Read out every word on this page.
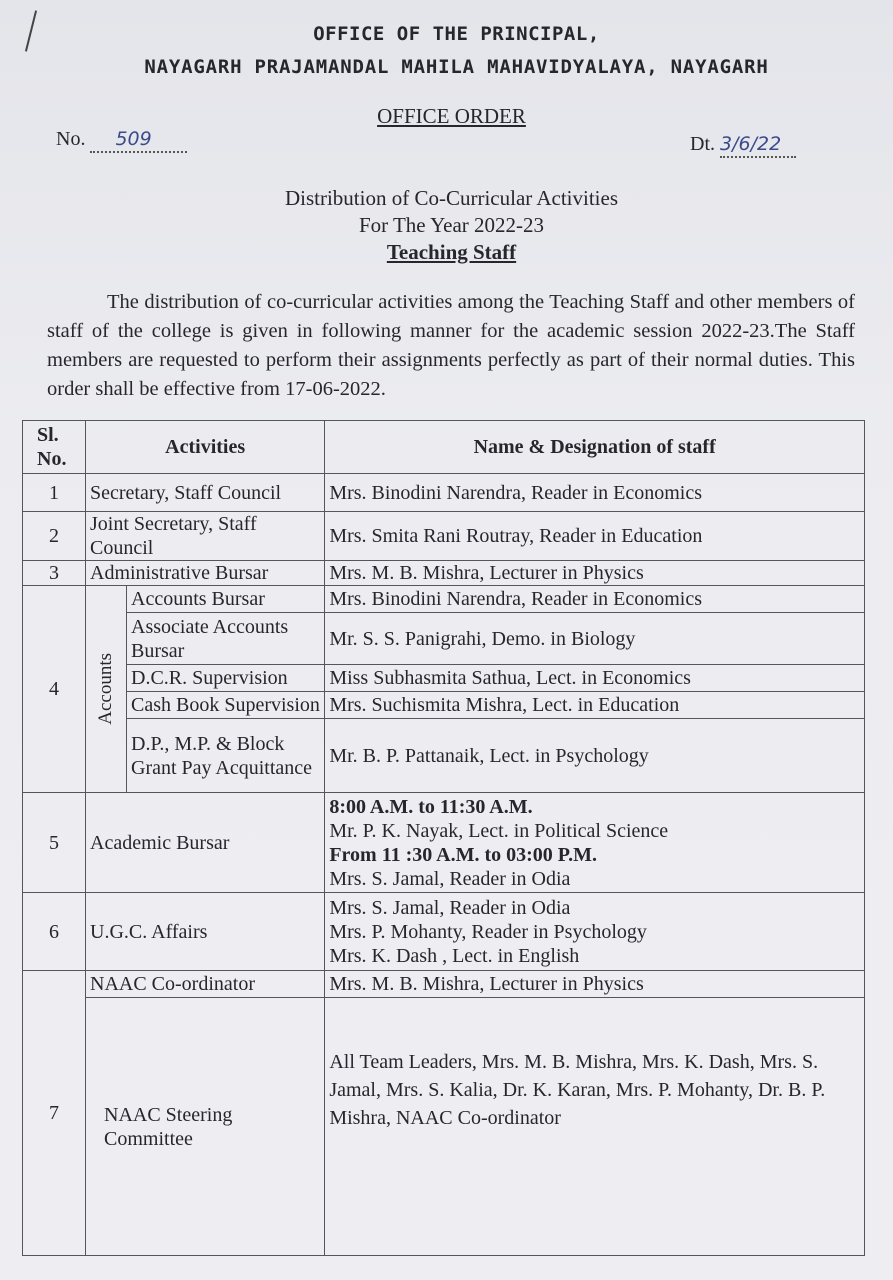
OFFICE OF THE PRINCIPAL,
NAYAGARH PRAJAMANDAL MAHILA MAHAVIDYALAYA, NAYAGARH
OFFICE ORDER
No.      509	Dt. 3/6/22
Distribution of Co-Curricular Activities
For The Year 2022-23
Teaching Staff
The distribution of co-curricular activities among the Teaching Staff and other members of staff of the college is given in following manner for the academic session 2022-23.The Staff members are requested to perform their assignments perfectly as part of their normal duties. This order shall be effective from 17-06-2022.
Sl. No.	Activities		Name & Designation of staff
1	Secretary, Staff Council		Mrs. Binodini Narendra, Reader in Economics
2	Joint Secretary, Staff Council		Mrs. Smita Rani Routray, Reader in Education
3	Administrative Bursar		Mrs. M. B. Mishra, Lecturer in Physics
4	Accounts	Accounts Bursar	Mrs. Binodini Narendra, Reader in Economics
		Associate Accounts Bursar	Mr. S. S. Panigrahi, Demo. in Biology
		D.C.R. Supervision	Miss Subhasmita Sathua, Lect. in Economics
		Cash Book Supervision	Mrs. Suchismita Mishra, Lect. in Education
		D.P., M.P. & Block Grant Pay Acquittance	Mr. B. P. Pattanaik, Lect. in Psychology
5	Academic Bursar		8:00 A.M. to 11:30 A.M.
Mr. P. K. Nayak, Lect. in Political Science
From 11 :30 A.M. to 03:00 P.M.
Mrs. S. Jamal, Reader in Odia

6	U.G.C. Affairs		Mrs. S. Jamal, Reader in Odia
Mrs. P. Mohanty, Reader in Psychology
Mrs. K. Dash , Lect. in English

7	NAAC Co-ordinator		Mrs. M. B. Mishra, Lecturer in Physics
	NAAC Steering Committee		All Team Leaders, Mrs. M. B. Mishra, Mrs. K. Dash, Mrs. S. Jamal, Mrs. S. Kalia, Dr. K. Karan, Mrs. P. Mohanty, Dr. B. P. Mishra, NAAC Co-ordinator
